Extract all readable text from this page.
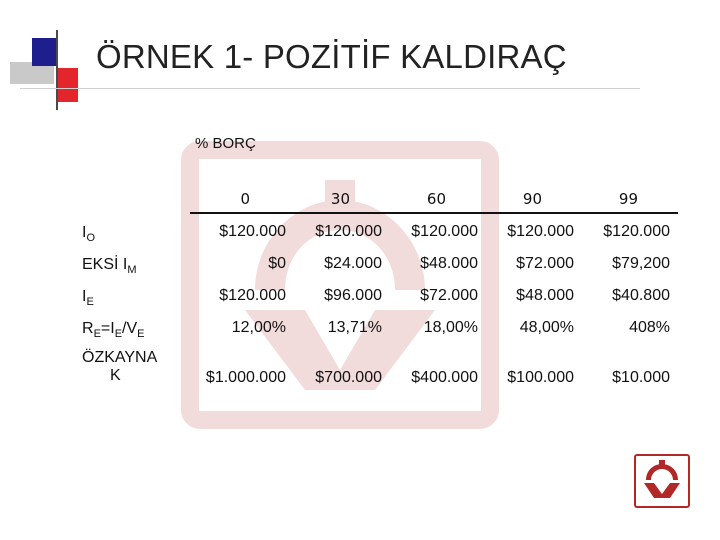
ÖRNEK 1- POZİTİF KALDIRAÇ
% BORÇ
0	30	60	90	99
$I_O$	$120.000	$120.000	$120.000	$120.000	$120.000
EKSİ $I_M$	$0	$24.000	$48.000	$72.000	$79,200
$I_E$	$120.000	$96.000	$72.000	$48.000	$40.800
$R_E=I_E/V_E$	12,00%	13,71%	18,00%	48,00%	408%
ÖZKAYNA
K	$1.000.000	$700.000	$400.000	$100.000	$10.000
